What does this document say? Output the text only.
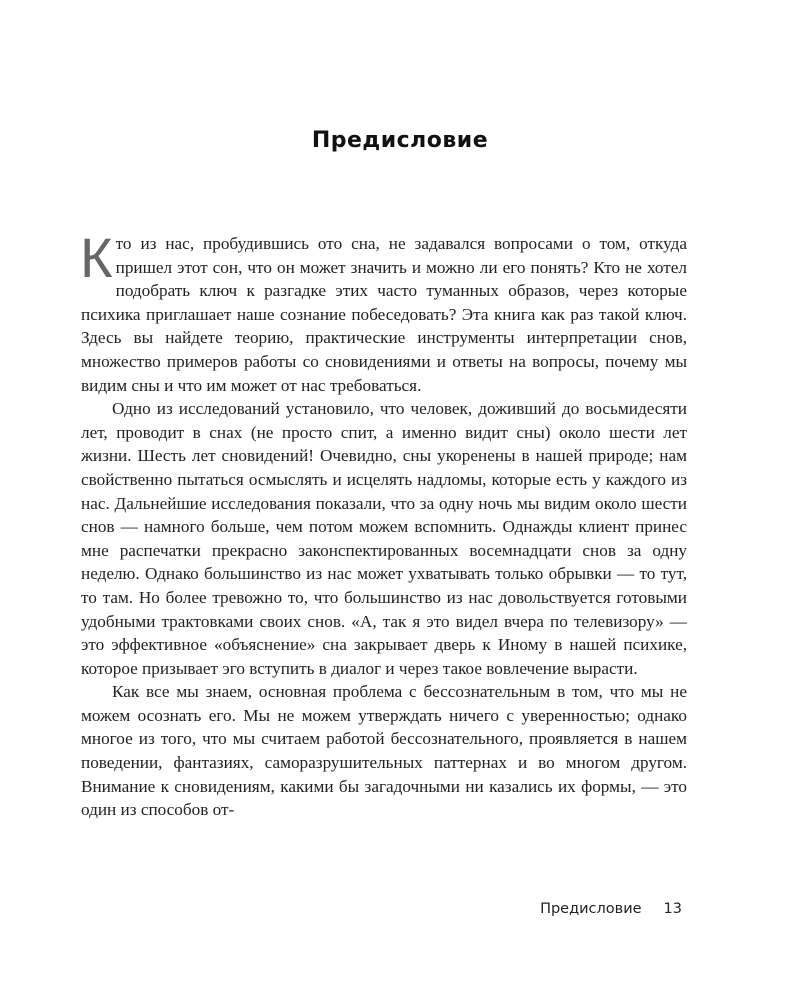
Предисловие

Кто из нас, пробудившись ото сна, не задавался вопросами о том, откуда пришел этот сон, что он может значить и можно ли его понять? Кто не хотел подобрать ключ к разгадке этих часто туманных образов, через которые психика приглашает наше сознание побеседовать? Эта книга как раз такой ключ. Здесь вы найдете теорию, практические инструменты интерпретации снов, множество примеров работы со сновидениями и ответы на вопросы, почему мы видим сны и что им может от нас требоваться.

Одно из исследований установило, что человек, доживший до восьмидесяти лет, проводит в снах (не просто спит, а именно видит сны) около шести лет жизни. Шесть лет сновидений! Очевидно, сны укоренены в нашей природе; нам свойственно пытаться осмыслять и исцелять надломы, которые есть у каждого из нас. Дальнейшие исследования показали, что за одну ночь мы видим около шести снов — намного больше, чем потом можем вспомнить. Однажды клиент принес мне распечатки прекрасно законспектированных восемнадцати снов за одну неделю. Однако большинство из нас может ухватывать только обрывки — то тут, то там. Но более тревожно то, что большинство из нас довольствуется готовыми удобными трактовками своих снов. «А, так я это видел вчера по телевизору» — это эффективное «объяснение» сна закрывает дверь к Иному в нашей психике, которое призывает эго вступить в диалог и через такое вовлечение вырасти.

Как все мы знаем, основная проблема с бессознательным в том, что мы не можем осознать его. Мы не можем утверждать ничего с уверенностью; однако многое из того, что мы считаем работой бессознательного, проявляется в нашем поведении, фантазиях, саморазрушительных паттернах и во многом другом. Внимание к сновидениям, какими бы загадочными ни казались их формы, — это один из способов от-

Предисловие 13
